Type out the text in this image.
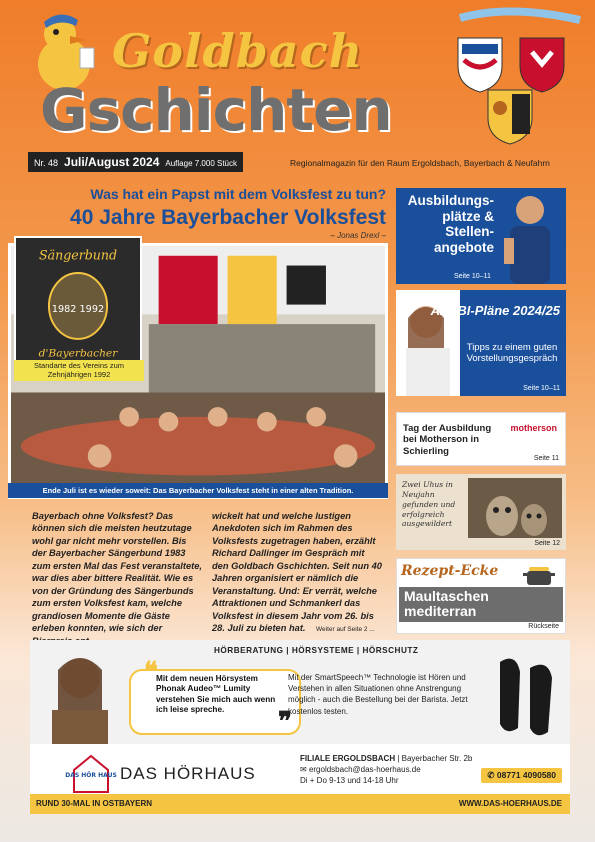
Goldbach
Gschichten
Nr. 48 Juli/August 2024 Auflage 7.000 Stück	Regionalmagazin für den Raum Ergoldsbach, Bayerbach & Neufahrn
Was hat ein Papst mit dem Volksfest zu tun?
40 Jahre Bayerbacher Volksfest
– Jonas Drexl –
Sängerbund
1982 1992
d'Bayerbacher
Standarte des Vereins zum Zehnjährigen 1992
Ende Juli ist es wieder soweit: Das Bayerbacher Volksfest steht in einer alten Tradition.

Bayerbach ohne Volksfest? Das können sich die meisten heutzutage wohl gar nicht mehr vorstellen. Bis der Bayerbacher Sängerbund 1983 zum ersten Mal das Fest veranstaltete, war dies aber bittere Realität. Wie es von der Gründung des Sängerbunds zum ersten Volksfest kam, welche grandiosen Momente die Gäste erleben konnten, wie sich der

wickelt hat und welche lustigen Anekdoten sich im Rahmen des Volksfests zugetragen haben, erzählt Richard Dallinger im Gespräch mit den Goldbach Gschichten. Seit nun 40 Jahren organisiert er nämlich die Veranstaltung. Und: Er verrät, welche Attraktionen und Schmankerl das Volksfest in diesem Jahr vom 26. bis 28. Juli zu bieten hat.	Weiter auf Seite 2 ...
Ausbildungs-plätze & Stellen-angebote
Seite 10–11
AZUBI-Pläne 2024/25
Tipps zu einem guten Vorstellungsgespräch
Seite 10–11
Tag der Ausbildung bei Motherson in Schierling
motherson
Seite 11
Zwei Uhus in Neujahn gefunden und erfolgreich ausgewildert
Seite 12
Rezept-Ecke
Maultaschen mediterran
Rückseite
HÖRBERATUNG | HÖRSYSTEME | HÖRSCHUTZ
❝
Mit dem neuen Hörsystem Phonak Audeo™ Lumity verstehen Sie mich auch wenn ich leise spreche.	❞
Mit der SmartSpeech™ Technologie ist Hören und Verstehen in allen Situationen ohne Anstrengung möglich - auch die Bestellung bei der Barista. Jetzt kostenlos testen.
DAS HÖR HAUS DAS HÖRHAUS
FILIALE ERGOLDSBACH | Bayerbacher Str. 2b
✉ ergoldsbach@das-hoerhaus.de
Di + Do 9-13 und 14-18 Uhr
✆ 08771 4090580
RUND 30-MAL IN OSTBAYERN	WWW.DAS-HOERHAUS.DE
